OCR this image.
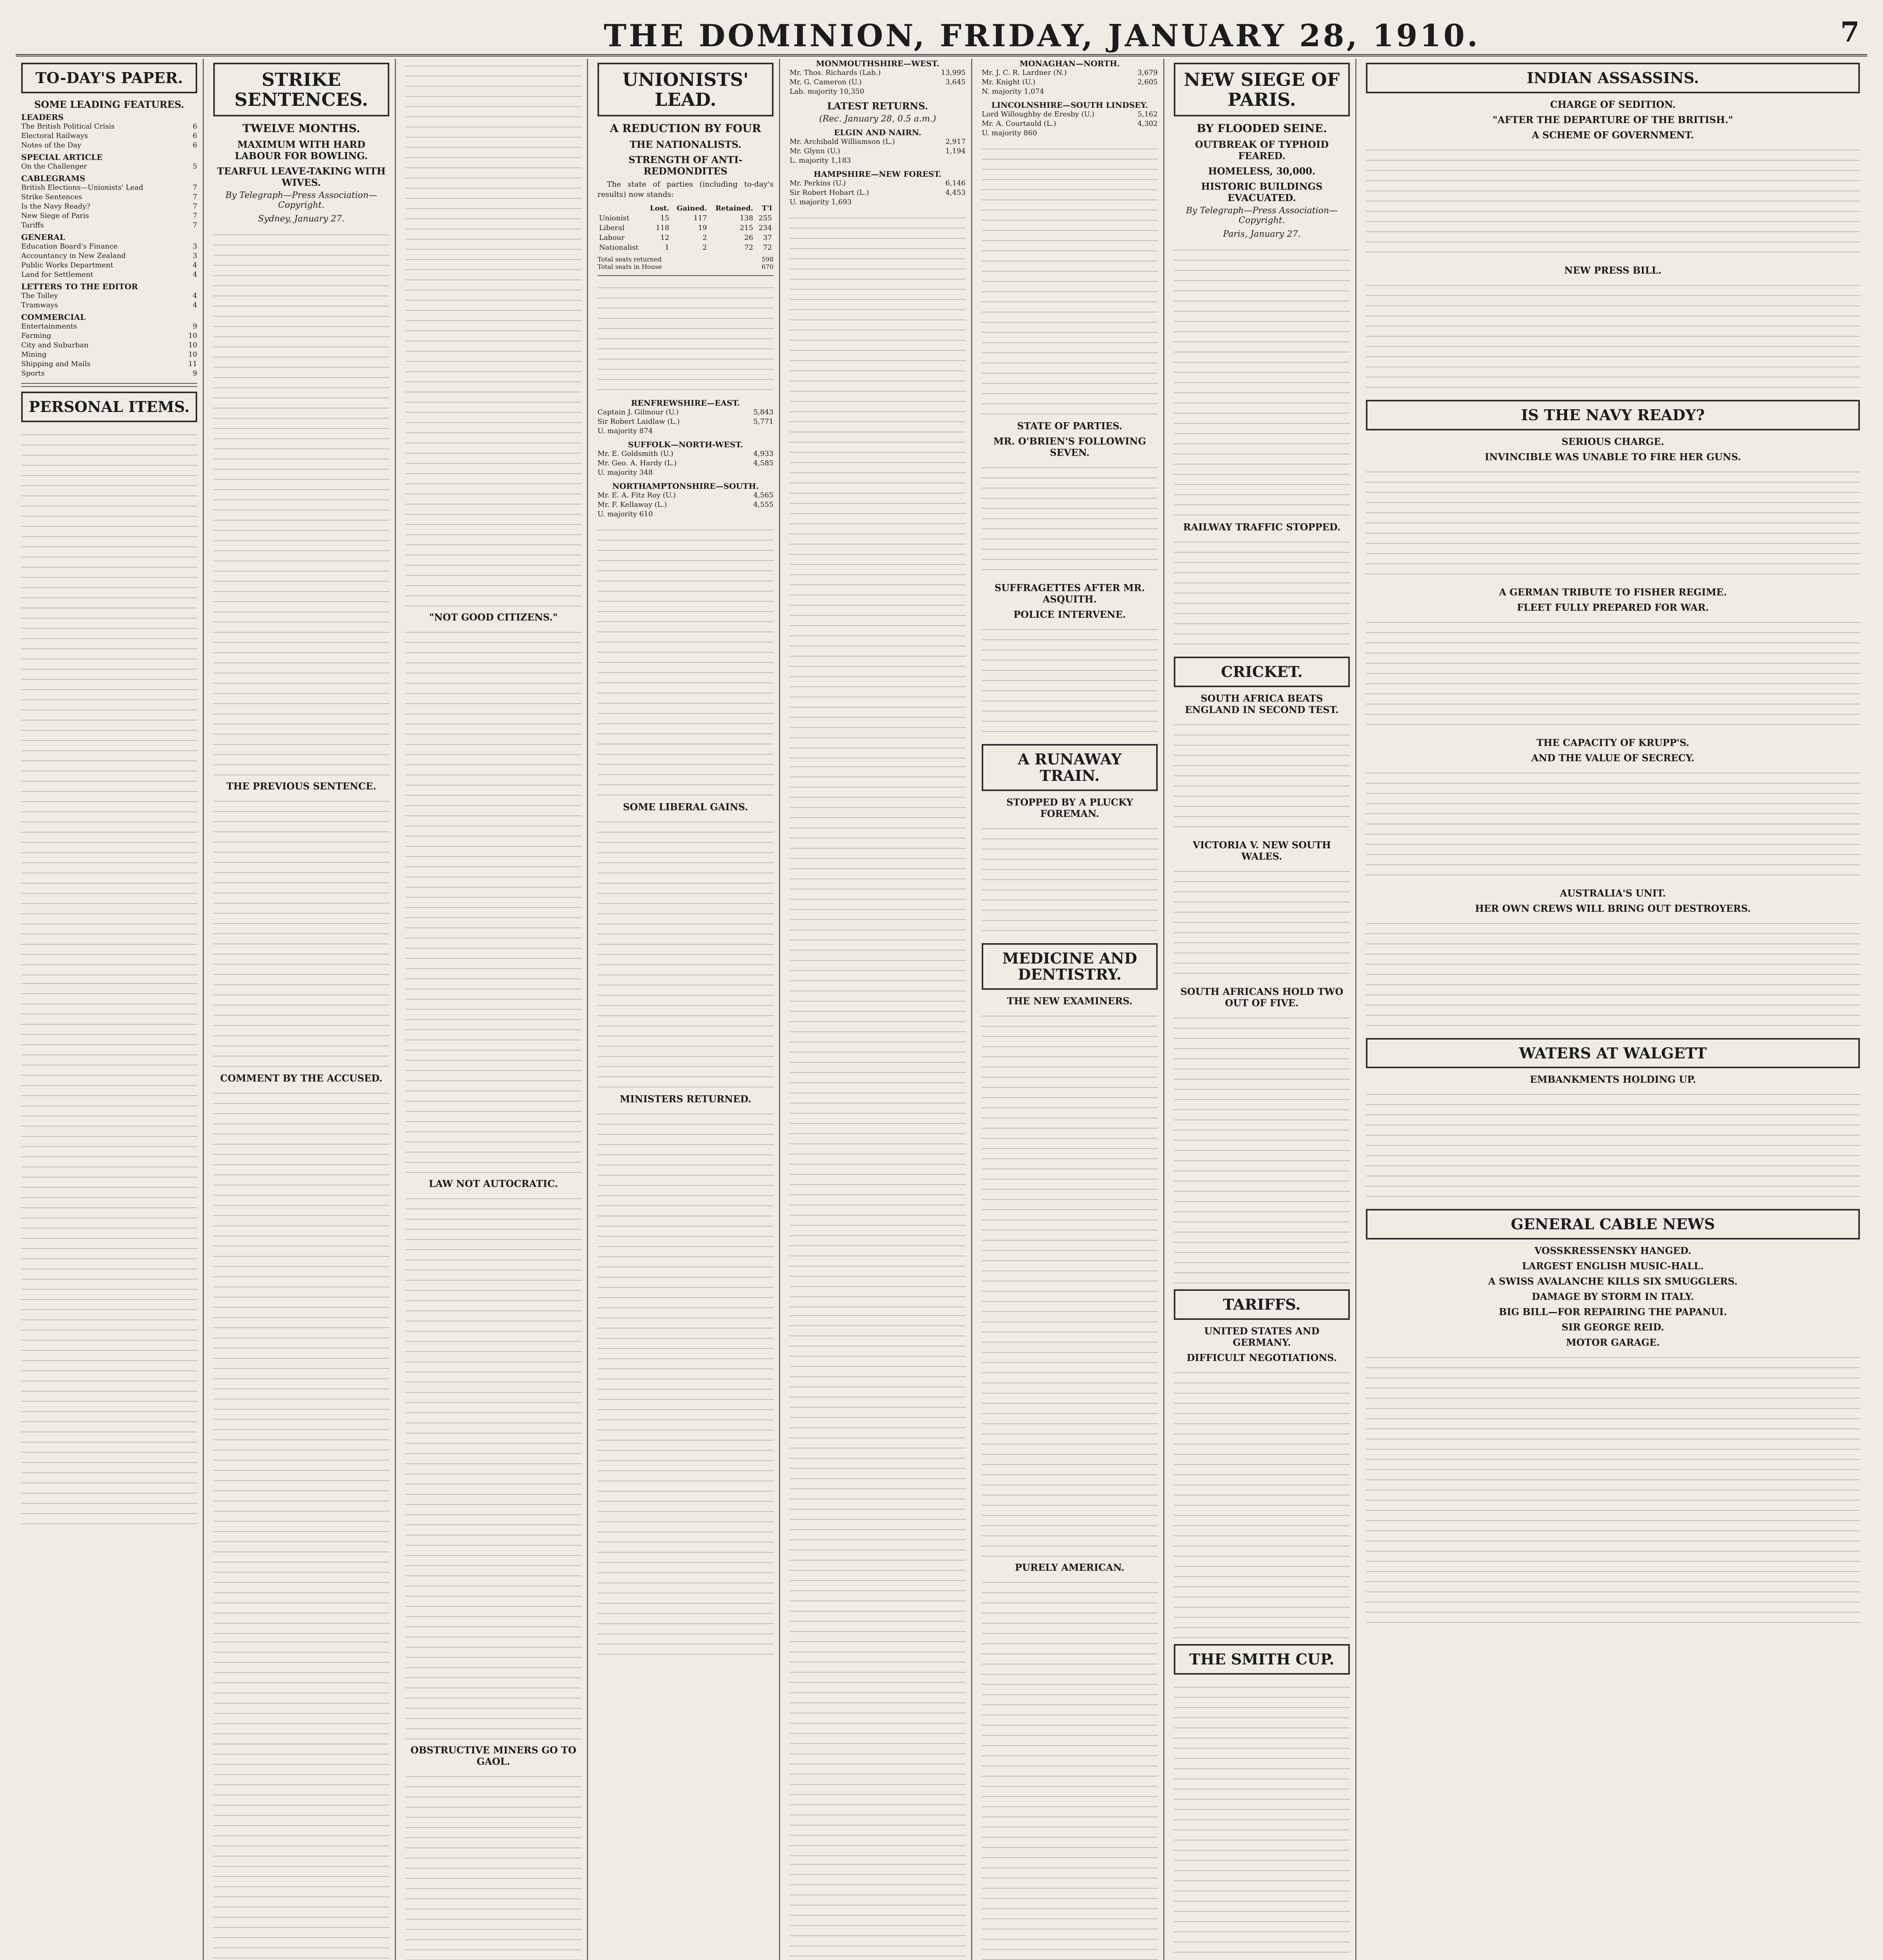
THE DOMINION, FRIDAY, JANUARY 28, 1910.	7
TO-DAY'S PAPER.
SOME LEADING FEATURES.
LEADERS
The British Political Crisis	6
Electoral Railways	6
Notes of the Day	6
SPECIAL ARTICLE
On the Challenger	5
CABLEGRAMS
British Elections—Unionists' Lead	7
Strike Sentences	7
Is the Navy Ready?	7
New Siege of Paris	7
Tariffs	7
GENERAL
Education Board's Finance	3
Accountancy in New Zealand	3
Public Works Department	4
Land for Settlement	4
LETTERS TO THE EDITOR
The Tolley	4
Tramways	4
COMMERCIAL
Entertainments	9
Farming	10
City and Suburban	10
Mining	10
Shipping and Mails	11
Sports	9
PERSONAL ITEMS.
STRIKE SENTENCES.
TWELVE MONTHS.
MAXIMUM WITH HARD LABOUR FOR BOWLING.
TEARFUL LEAVE-TAKING WITH WIVES.
By Telegraph—Press Association—Copyright.
Sydney, January 27.
THE PREVIOUS SENTENCE.
COMMENT BY THE ACCUSED.
"NOT GOOD CITIZENS."
LAW NOT AUTOCRATIC.
OBSTRUCTIVE MINERS GO TO GAOL.
UNIONISTS' LEAD.
A REDUCTION BY FOUR
THE NATIONALISTS.
STRENGTH OF ANTI-REDMONDITES
The state of parties (including to-day's results) now stands:
	Lost.	Gained.	Retained.	T'l
Unionist	15	117	138	255
Liberal	118	19	215	234
Labour	12	2	26	37
Nationalist	1	2	72	72
Total seats returned	598
Total seats in House	670
RENFREWSHIRE—EAST.
Captain J. Gilmour (U.)	5,843
Sir Robert Laidlaw (L.)	5,771
U. majority 874
SUFFOLK—NORTH-WEST.
Mr. E. Goldsmith (U.)	4,933
Mr. Geo. A. Hardy (L.)	4,585
U. majority 348
NORTHAMPTONSHIRE—SOUTH.
Mr. E. A. Fitz Roy (U.)	4,565
Mr. F. Kellaway (L.)	4,555
U. majority 610
SOME LIBERAL GAINS.
MINISTERS RETURNED.
MONMOUTHSHIRE—WEST.
Mr. Thos. Richards (Lab.)	13,995
Mr. G. Cameron (U.)	3,645
Lab. majority 10,350
LATEST RETURNS.
(Rec. January 28, 0.5 a.m.)
ELGIN AND NAIRN.
Mr. Archibald Williamson (L.)	2,917
Mr. Glynn (U.)	1,194
L. majority 1,183
HAMPSHIRE—NEW FOREST.
Mr. Perkins (U.)	6,146
Sir Robert Hobart (L.)	4,453
U. majority 1,693
MONAGHAN—NORTH.
Mr. J. C. R. Lardner (N.)	3,679
Mr. Knight (U.)	2,605
N. majority 1,074
LINCOLNSHIRE—SOUTH LINDSEY.
Lord Willoughby de Eresby (U.)	5,162
Mr. A. Courtauld (L.)	4,302
U. majority 860
STATE OF PARTIES.
MR. O'BRIEN'S FOLLOWING SEVEN.
SUFFRAGETTES AFTER MR. ASQUITH.
POLICE INTERVENE.
A RUNAWAY TRAIN.
STOPPED BY A PLUCKY FOREMAN.
MEDICINE AND DENTISTRY.
THE NEW EXAMINERS.
PURELY AMERICAN.
NEW SIEGE OF PARIS.
BY FLOODED SEINE.
OUTBREAK OF TYPHOID FEARED.
HOMELESS, 30,000.
HISTORIC BUILDINGS EVACUATED.
By Telegraph—Press Association—Copyright.
Paris, January 27.
RAILWAY TRAFFIC STOPPED.
CRICKET.
SOUTH AFRICA BEATS ENGLAND IN SECOND TEST.
VICTORIA V. NEW SOUTH WALES.
SOUTH AFRICANS HOLD TWO OUT OF FIVE.
TARIFFS.
UNITED STATES AND GERMANY.
DIFFICULT NEGOTIATIONS.
THE SMITH CUP.
INDIAN ASSASSINS.
CHARGE OF SEDITION.
"AFTER THE DEPARTURE OF THE BRITISH."
A SCHEME OF GOVERNMENT.
NEW PRESS BILL.
IS THE NAVY READY?
SERIOUS CHARGE.
INVINCIBLE WAS UNABLE TO FIRE HER GUNS.
A GERMAN TRIBUTE TO FISHER REGIME.
FLEET FULLY PREPARED FOR WAR.
THE CAPACITY OF KRUPP'S.
AND THE VALUE OF SECRECY.
AUSTRALIA'S UNIT.
HER OWN CREWS WILL BRING OUT DESTROYERS.
WATERS AT WALGETT
EMBANKMENTS HOLDING UP.
GENERAL CABLE NEWS
VOSSKRESSENSKY HANGED.
LARGEST ENGLISH MUSIC-HALL.
A SWISS AVALANCHE KILLS SIX SMUGGLERS.
DAMAGE BY STORM IN ITALY.
BIG BILL—FOR REPAIRING THE PAPANUI.
SIR GEORGE REID.
MOTOR GARAGE.
